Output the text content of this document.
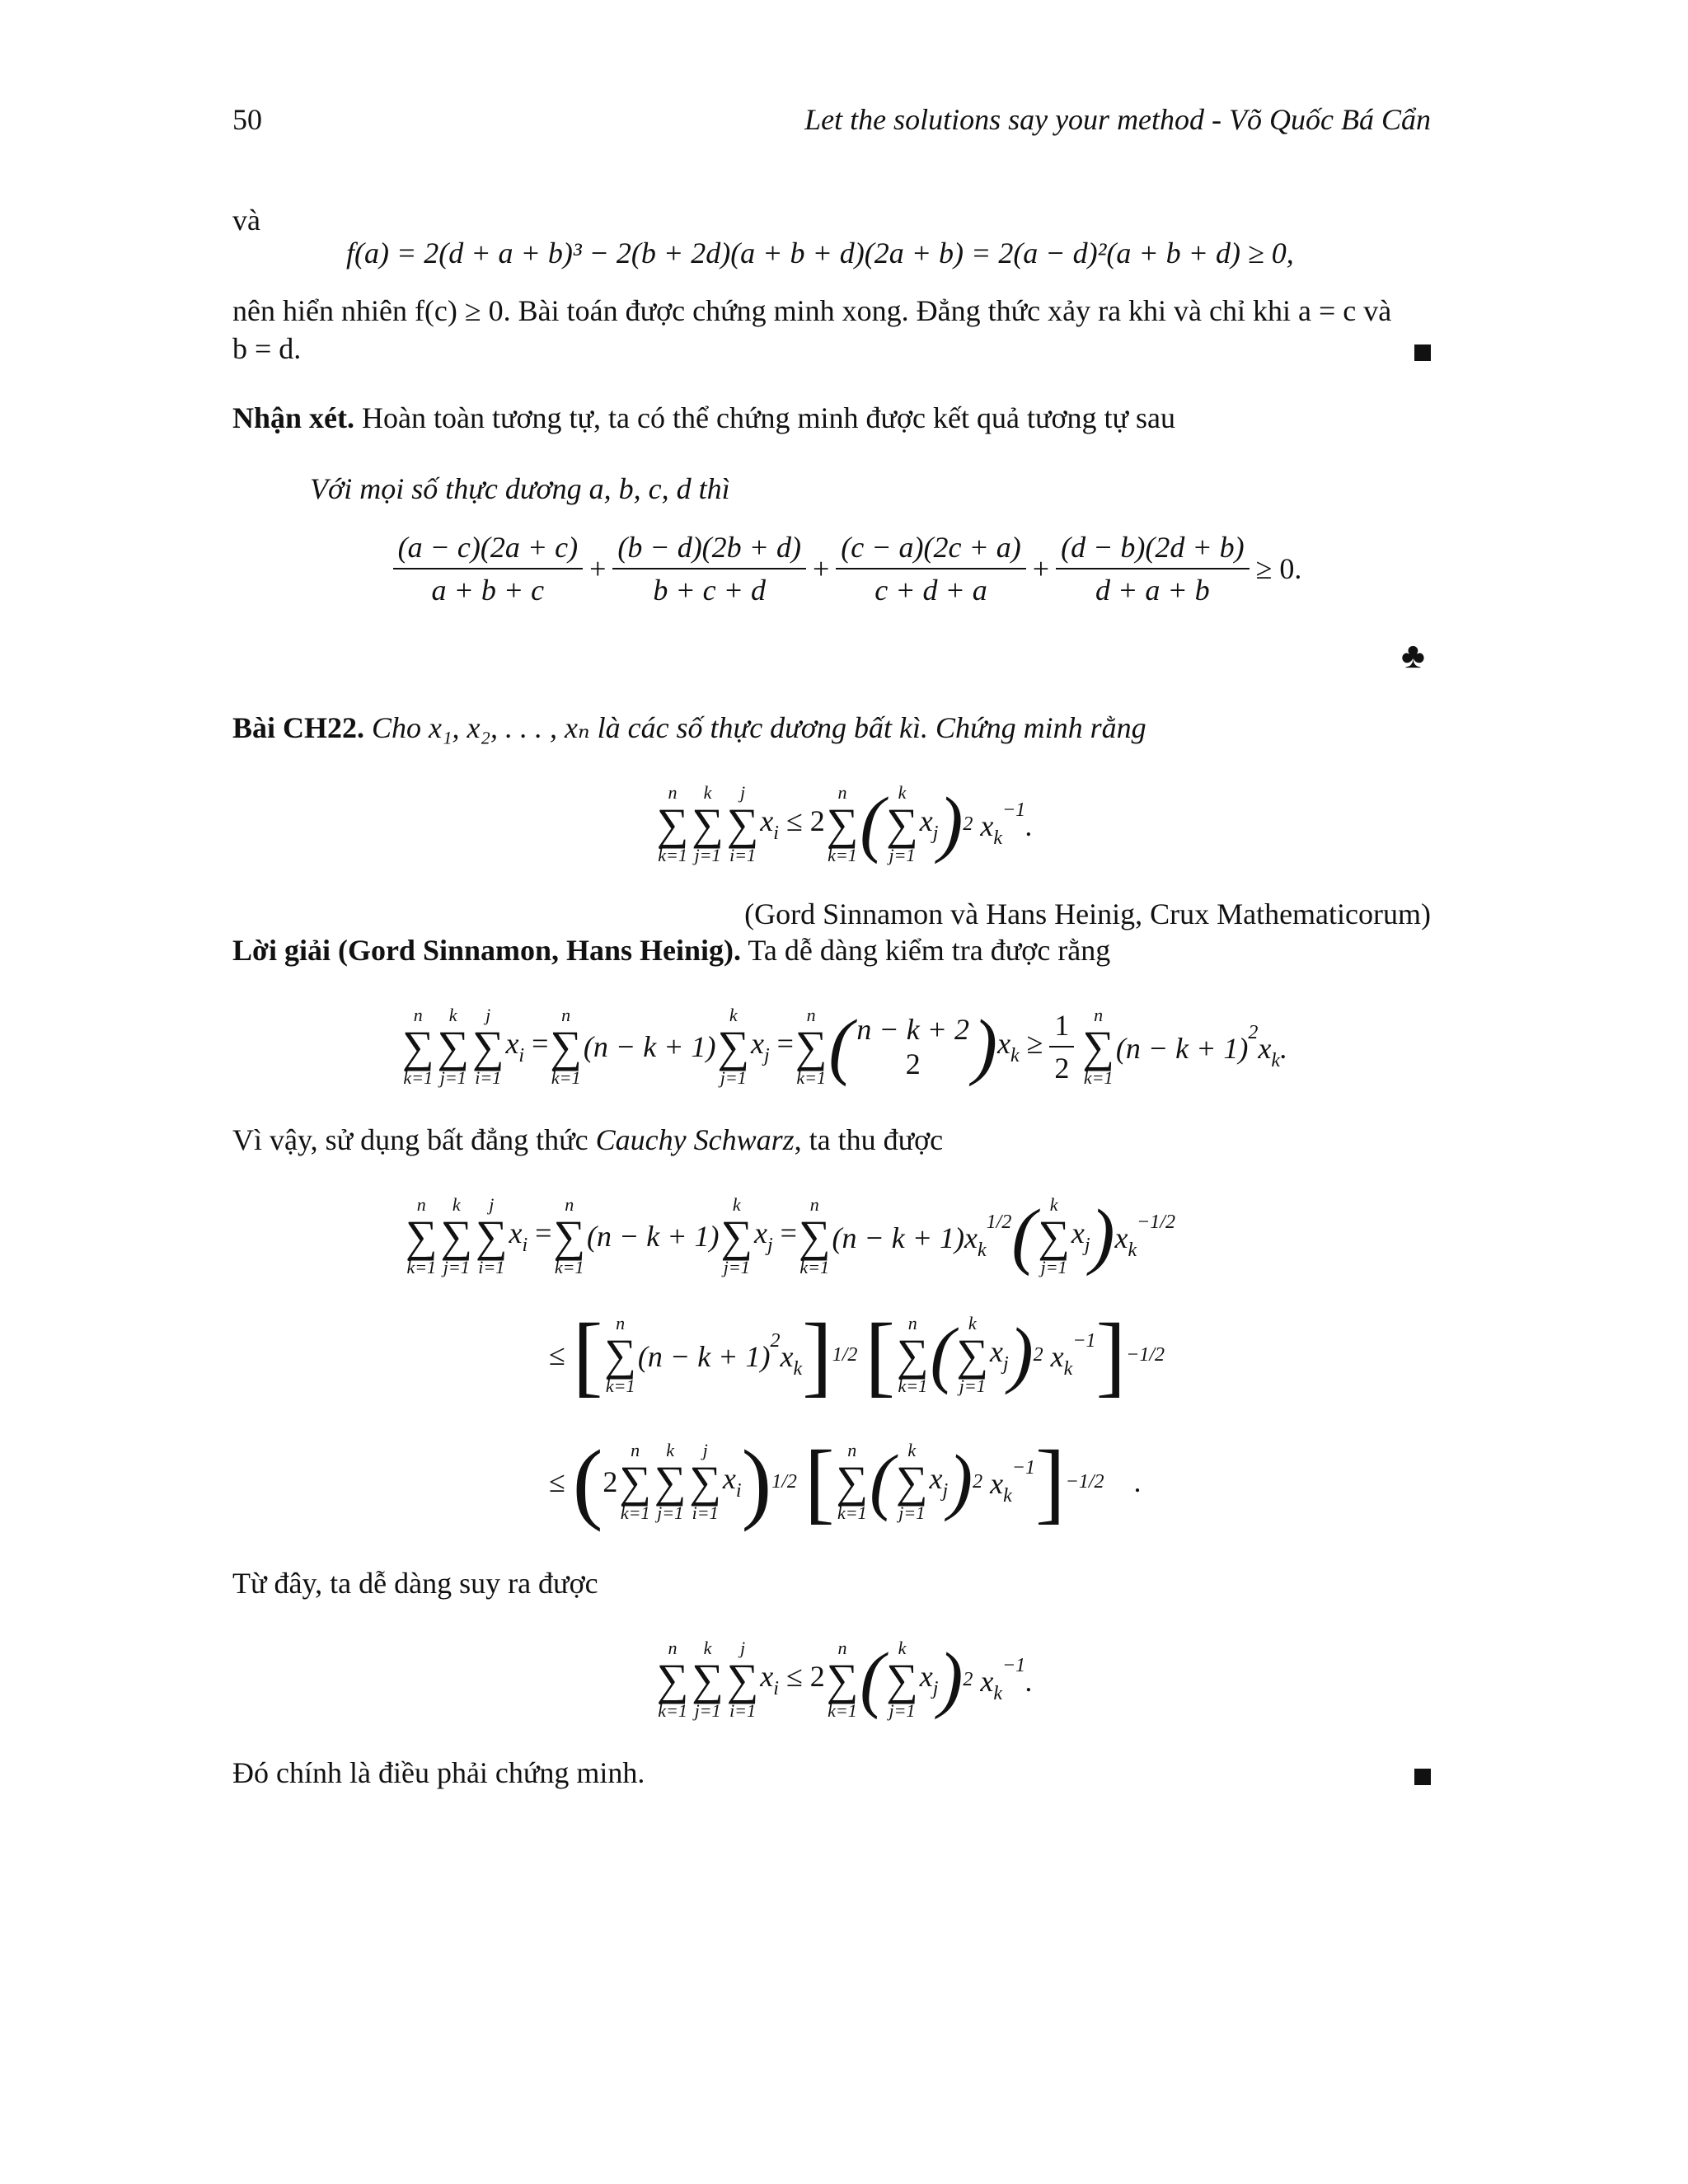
50	Let the solutions say your method - Võ Quốc Bá Cẩn
và
f(a) = 2(d + a + b)³ − 2(b + 2d)(a + b + d)(2a + b) = 2(a − d)²(a + b + d) ≥ 0,
nên hiển nhiên f(c) ≥ 0. Bài toán được chứng minh xong. Đẳng thức xảy ra khi và chỉ khi a = c và
b = d.
Nhận xét. Hoàn toàn tương tự, ta có thể chứng minh được kết quả tương tự sau
Với mọi số thực dương a, b, c, d thì
$\frac{(a - c)(2a + c)}{a + b + c} + \frac{(b - d)(2b + d)}{b + c + d} + \frac{(c - a)(2c + a)}{c + d + a} + \frac{(d - b)(2d + b)}{d + a + b} \ge 0$.
♣
Bài CH22. Cho x₁, x₂, . . . , xₙ là các số thực dương bất kì. Chứng minh rằng
n
∑
k=1
k
∑
j=1
j
∑
i=1
$x_i \le 2$
n
∑
k=1 ( k
∑
j=1
$x_j$ ) 2 $x_k^{-1}$.
(Gord Sinnamon và Hans Heinig, Crux Mathematicorum)
Lời giải (Gord Sinnamon, Hans Heinig). Ta dễ dàng kiểm tra được rằng
n
∑
k=1
k
∑
j=1
j
∑
i=1
$x_i$ =
n
∑
k=1
(n − k + 1)
k
∑
j=1
$x_j$ =
n
∑
k=1 ( n − k + 2
2 ) $x_k \ge \frac{1}{2}$ n
∑
k=1
$(n - k + 1)^2x_k$.
Vì vậy, sử dụng bất đẳng thức Cauchy Schwarz, ta thu được
n
∑
k=1
k
∑
j=1
j
∑
i=1
$x_i$ =
n
∑
k=1
(n − k + 1)
k
∑
j=1
$x_j$ =
n
∑
k=1
$(n - k + 1)x_k^{1/2}$ ( k
∑
j=1
$x_j$ ) $x_k^{-1/2}$
≤ [ n
∑
k=1
$(n - k + 1)^2x_k$ ] 1/2
[ n
∑
k=1 ( k
∑
j=1
$x_j$ ) 2 $x_k^{-1}$ ] −1/2
≤ ( 2
n
∑
k=1
k
∑
j=1
j
∑
i=1
$x_i$ ) 1/2
[ n
∑
k=1 ( k
∑
j=1
$x_j$ ) 2 $x_k^{-1}$ ] −1/2 .
Từ đây, ta dễ dàng suy ra được
n
∑
k=1
k
∑
j=1
j
∑
i=1
$x_i \le 2$
n
∑
k=1 ( k
∑
j=1
$x_j$ ) 2 $x_k^{-1}$.
Đó chính là điều phải chứng minh.
